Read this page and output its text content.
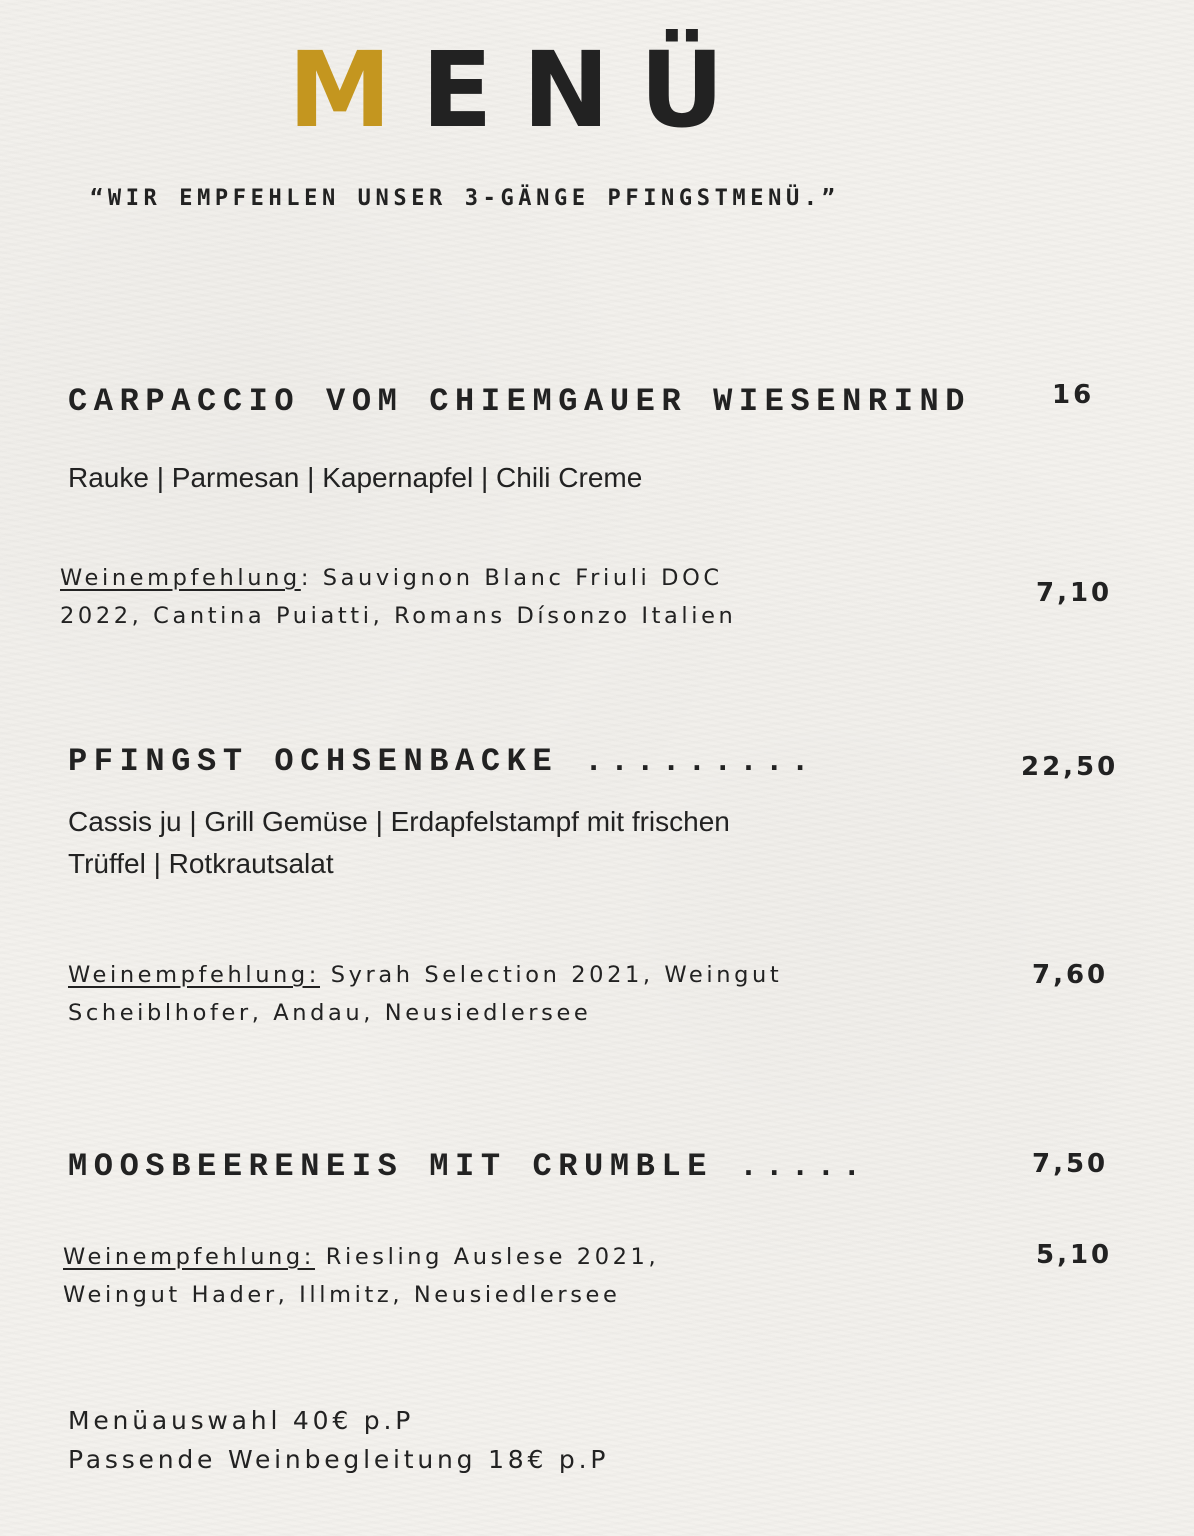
MENÜ
“WIR EMPFEHLEN UNSER 3-GÄNGE PFINGSTMENÜ.”
CARPACCIO VOM CHIEMGAUER WIESENRIND	16
Rauke | Parmesan | Kapernapfel | Chili Creme
Weinempfehlung: Sauvignon Blanc Friuli DOC
2022, Cantina Puiatti, Romans Dísonzo Italien
7,10
PFINGST OCHSENBACKE .........	22,50
Cassis ju | Grill Gemüse | Erdapfelstampf mit frischen
Trüffel | Rotkrautsalat
Weinempfehlung: Syrah Selection 2021, Weingut
Scheiblhofer, Andau, Neusiedlersee
7,60
MOOSBEERENEIS MIT CRUMBLE .....	7,50
Weinempfehlung: Riesling Auslese 2021,
Weingut Hader, Illmitz, Neusiedlersee
5,10
Menüauswahl 40€ p.P
Passende Weinbegleitung 18€ p.P
